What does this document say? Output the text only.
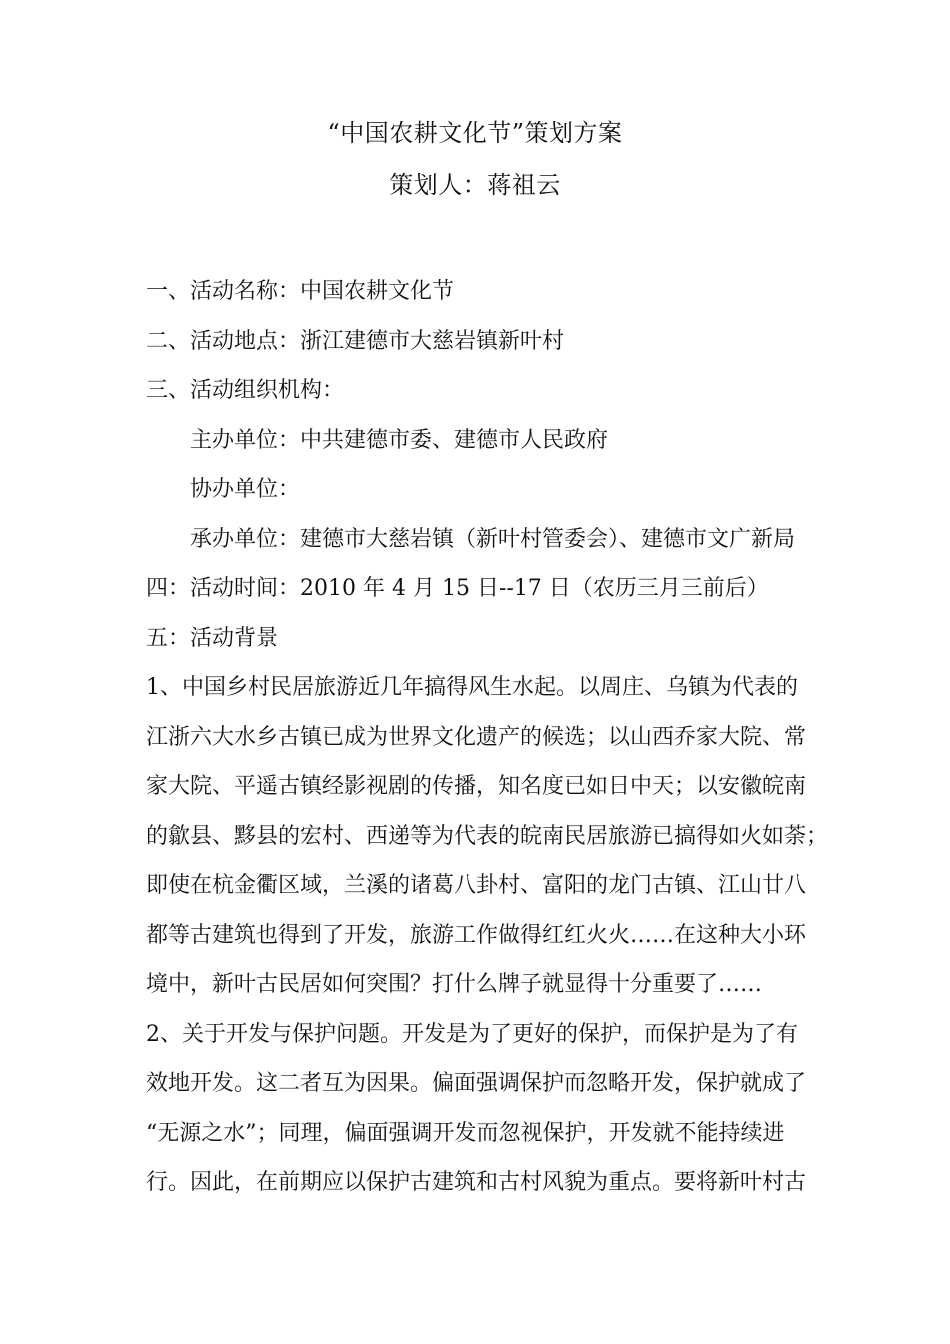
“中国农耕文化节”策划方案
策划人：蒋祖云
一、活动名称：中国农耕文化节
二、活动地点：浙江建德市大慈岩镇新叶村
三、活动组织机构：
主办单位：中共建德市委、建德市人民政府
协办单位：
承办单位：建德市大慈岩镇（新叶村管委会）、建德市文广新局
四：活动时间：2010 年 4 月 15 日--17 日（农历三月三前后）
五：活动背景
1、中国乡村民居旅游近几年搞得风生水起。以周庄、乌镇为代表的
江浙六大水乡古镇已成为世界文化遗产的候选；以山西乔家大院、常
家大院、平遥古镇经影视剧的传播，知名度已如日中天；以安徽皖南
的歙县、黟县的宏村、西递等为代表的皖南民居旅游已搞得如火如荼；
即使在杭金衢区域，兰溪的诸葛八卦村、富阳的龙门古镇、江山廿八
都等古建筑也得到了开发，旅游工作做得红红火火……在这种大小环
境中，新叶古民居如何突围？打什么牌子就显得十分重要了……
2、关于开发与保护问题。开发是为了更好的保护，而保护是为了有
效地开发。这二者互为因果。偏面强调保护而忽略开发，保护就成了
“无源之水”；同理，偏面强调开发而忽视保护，开发就不能持续进
行。因此，在前期应以保护古建筑和古村风貌为重点。要将新叶村古
